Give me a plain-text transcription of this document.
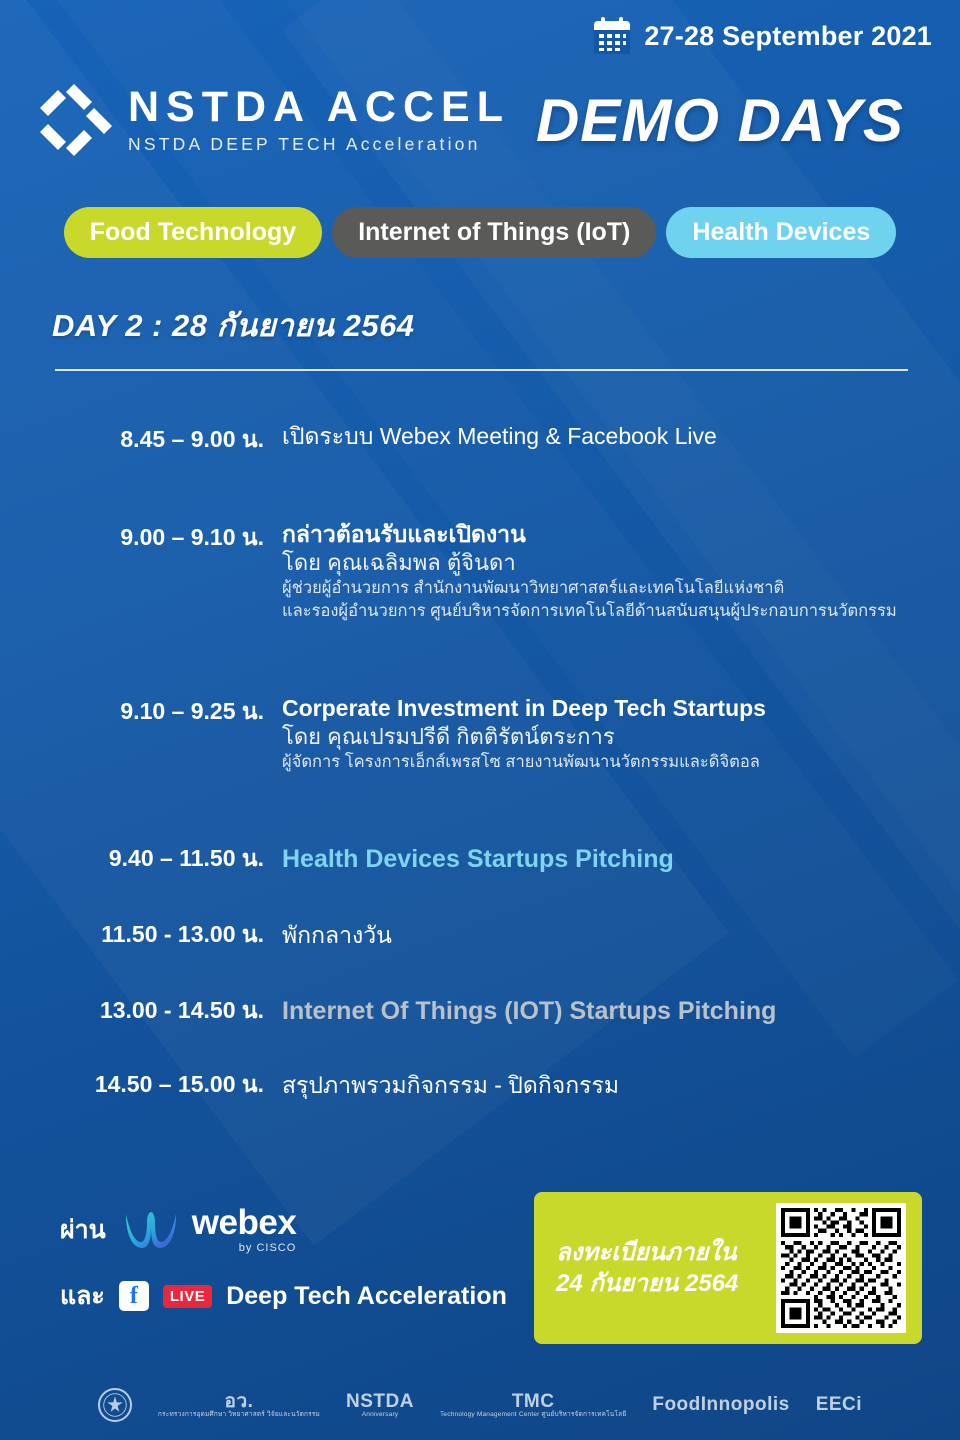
27-28 September 2021
NSTDA ACCEL
NSTDA DEEP TECH Acceleration DEMO DAYS
Food Technology	Internet of Things (IoT)	Health Devices
DAY 2 : 28 กันยายน 2564
8.45 – 9.00 น. เปิดระบบ Webex Meeting & Facebook Live
9.00 – 9.10 น. กล่าวต้อนรับและเปิดงาน
โดย คุณเฉลิมพล ตู้จินดา
ผู้ช่วยผู้อำนวยการ สำนักงานพัฒนาวิทยาศาสตร์และเทคโนโลยีแห่งชาติ
และรองผู้อำนวยการ ศูนย์บริหารจัดการเทคโนโลยีด้านสนับสนุนผู้ประกอบการนวัตกรรม
9.10 – 9.25 น. Corperate Investment in Deep Tech Startups
โดย คุณเปรมปรีดี กิตติรัตน์ตระการ
ผู้จัดการ โครงการเอ็กส์เพรสโซ สายงานพัฒนานวัตกรรมและดิจิตอล
9.40 – 11.50 น. Health Devices Startups Pitching
11.50 - 13.00 น. พักกลางวัน
13.00 - 14.50 น. Internet Of Things (IOT) Startups Pitching
14.50 – 15.00 น. สรุปภาพรวมกิจกรรม - ปิดกิจกรรม
ผ่าน webex
by CISCO
และ	f	LIVE Deep Tech Acceleration
ลงทะเบียนภายใน
24 กันยายน 2564
อว.
กระทรวงการอุดมศึกษา วิทยาศาสตร์ วิจัยและนวัตกรรม
NSTDA
Anniversary
TMC
Technology Management Center ศูนย์บริหารจัดการเทคโนโลยี FoodInnopolis EECi
